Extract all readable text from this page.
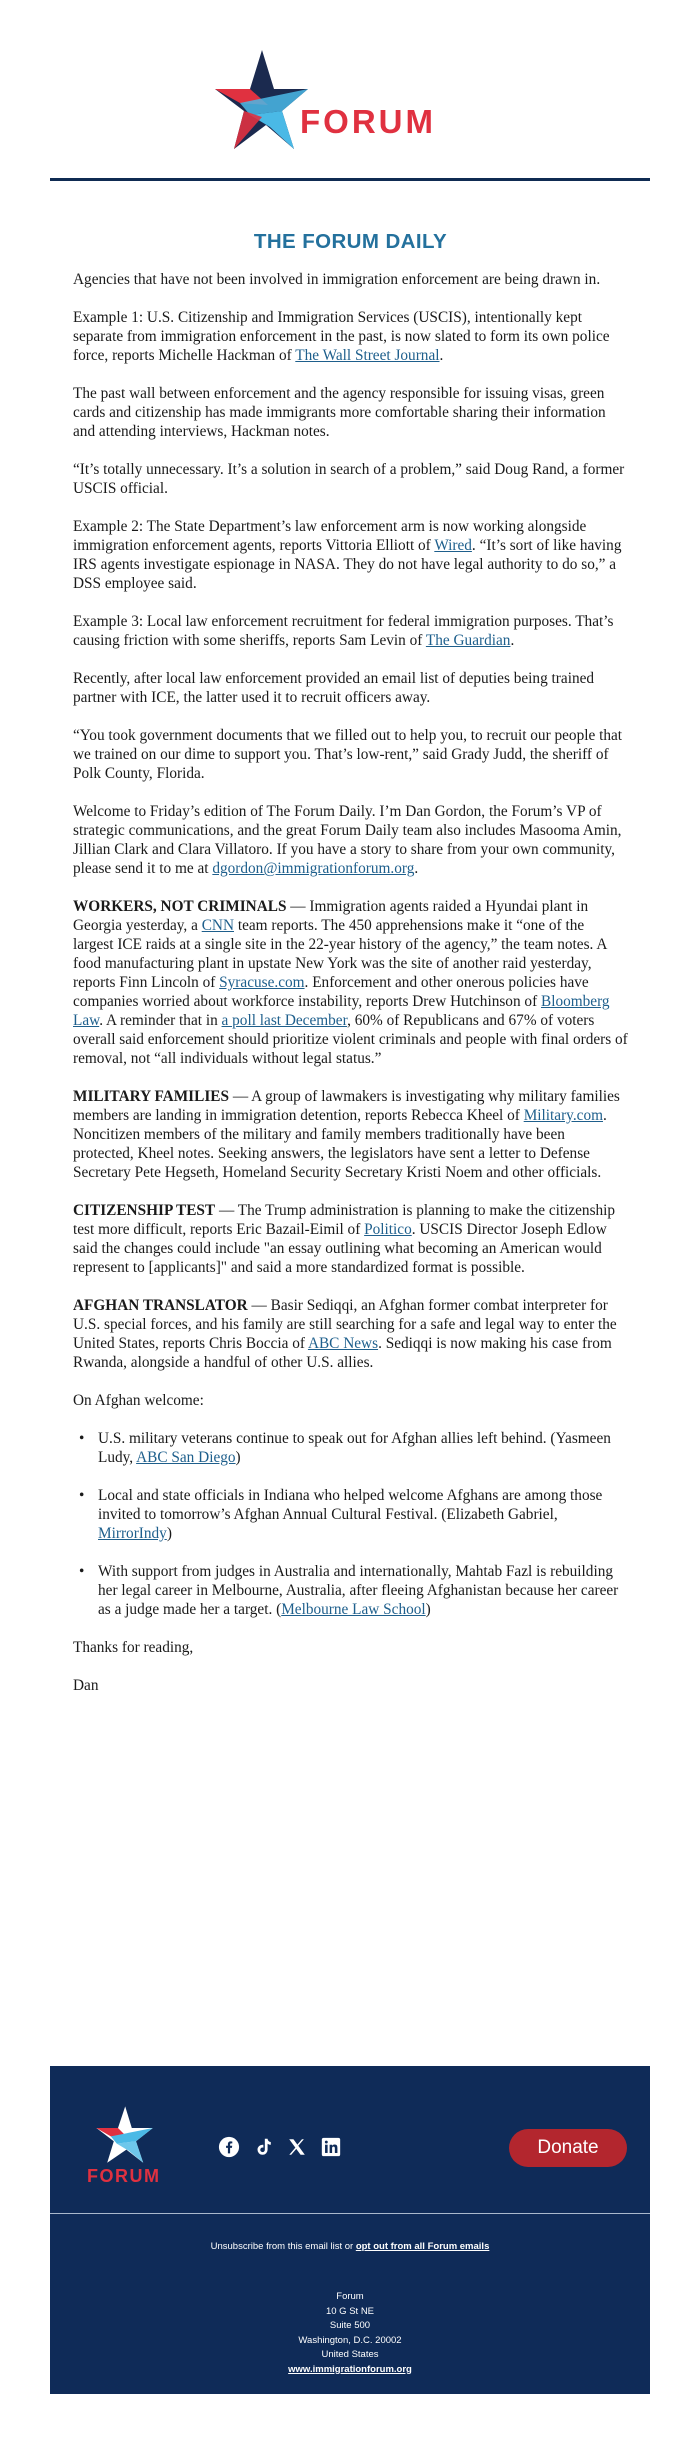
FORUM
THE FORUM DAILY

Agencies that have not been involved in immigration enforcement are being drawn in.

Example 1: U.S. Citizenship and Immigration Services (USCIS), intentionally kept separate from immigration enforcement in the past, is now slated to form its own police force, reports Michelle Hackman of The Wall Street Journal.

The past wall between enforcement and the agency responsible for issuing visas, green cards and citizenship has made immigrants more comfortable sharing their information and attending interviews, Hackman notes.

“It’s totally unnecessary. It’s a solution in search of a problem,” said Doug Rand, a former USCIS official.

Example 2: The State Department’s law enforcement arm is now working alongside immigration enforcement agents, reports Vittoria Elliott of Wired. “It’s sort of like having IRS agents investigate espionage in NASA. They do not have legal authority to do so,” a DSS employee said.

Example 3: Local law enforcement recruitment for federal immigration purposes. That’s causing friction with some sheriffs, reports Sam Levin of The Guardian.

Recently, after local law enforcement provided an email list of deputies being trained partner with ICE, the latter used it to recruit officers away.

“You took government documents that we filled out to help you, to recruit our people that we trained on our dime to support you. That’s low-rent,” said Grady Judd, the sheriff of Polk County, Florida.

Welcome to Friday’s edition of The Forum Daily. I’m Dan Gordon, the Forum’s VP of strategic communications, and the great Forum Daily team also includes Masooma Amin, Jillian Clark and Clara Villatoro. If you have a story to share from your own community, please send it to me at dgordon@immigrationforum.org.

WORKERS, NOT CRIMINALS — Immigration agents raided a Hyundai plant in Georgia yesterday, a CNN team reports. The 450 apprehensions make it “one of the largest ICE raids at a single site in the 22-year history of the agency,” the team notes. A food manufacturing plant in upstate New York was the site of another raid yesterday, reports Finn Lincoln of Syracuse.com. Enforcement and other onerous policies have companies worried about workforce instability, reports Drew Hutchinson of Bloomberg Law. A reminder that in a poll last December, 60% of Republicans and 67% of voters overall said enforcement should prioritize violent criminals and people with final orders of removal, not “all individuals without legal status.”

MILITARY FAMILIES — A group of lawmakers is investigating why military families members are landing in immigration detention, reports Rebecca Kheel of Military.com. Noncitizen members of the military and family members traditionally have been protected, Kheel notes. Seeking answers, the legislators have sent a letter to Defense Secretary Pete Hegseth, Homeland Security Secretary Kristi Noem and other officials.

CITIZENSHIP TEST — The Trump administration is planning to make the citizenship test more difficult, reports Eric Bazail-Eimil of Politico. USCIS Director Joseph Edlow said the changes could include "an essay outlining what becoming an American would represent to [applicants]" and said a more standardized format is possible.

AFGHAN TRANSLATOR — Basir Sediqqi, an Afghan former combat interpreter for U.S. special forces, and his family are still searching for a safe and legal way to enter the United States, reports Chris Boccia of ABC News. Sediqqi is now making his case from Rwanda, alongside a handful of other U.S. allies.

On Afghan welcome:

• U.S. military veterans continue to speak out for Afghan allies left behind. (Yasmeen Ludy, ABC San Diego)
• Local and state officials in Indiana who helped welcome Afghans are among those invited to tomorrow’s Afghan Annual Cultural Festival. (Elizabeth Gabriel, MirrorIndy)
• With support from judges in Australia and internationally, Mahtab Fazl is rebuilding her legal career in Melbourne, Australia, after fleeing Afghanistan because her career as a judge made her a target. (Melbourne Law School)

Thanks for reading,

Dan

FORUM
Donate
Unsubscribe from this email list or opt out from all Forum emails
Forum
10 G St NE
Suite 500
Washington, D.C. 20002
United States
www.immigrationforum.org
